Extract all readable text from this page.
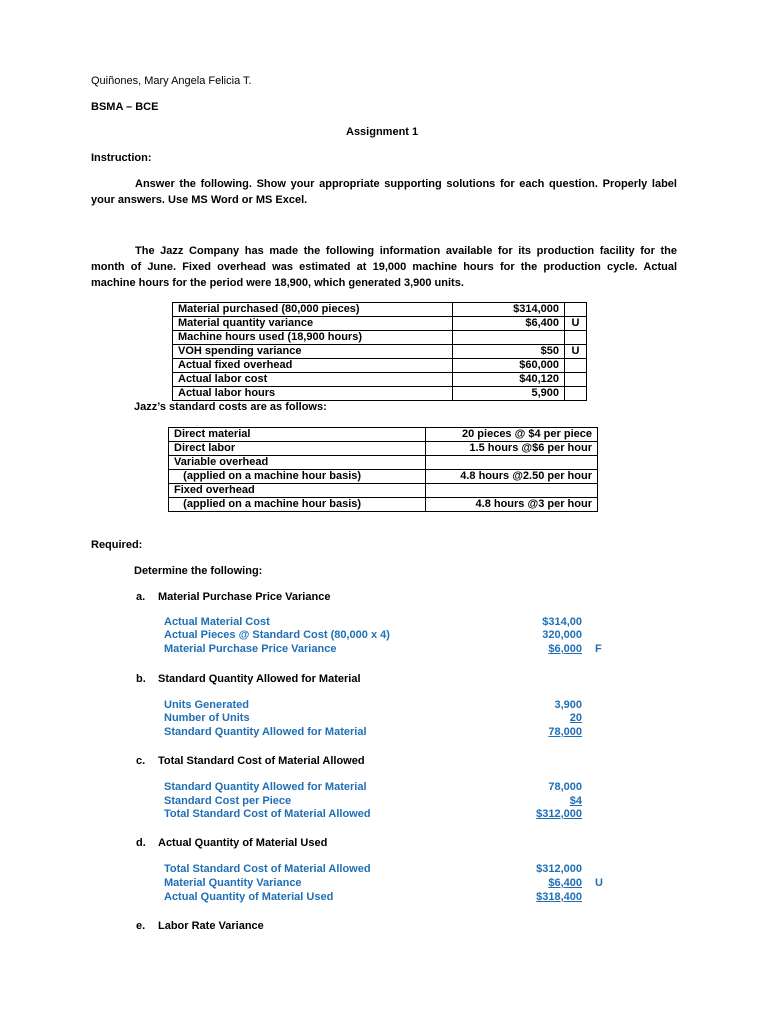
Quiñones, Mary Angela Felicia T.
BSMA – BCE
Assignment 1
Instruction:
Answer the following. Show your appropriate supporting solutions for each question. Properly label your answers. Use MS Word or MS Excel.
The Jazz Company has made the following information available for its production facility for the month of June. Fixed overhead was estimated at 19,000 machine hours for the production cycle. Actual machine hours for the period were 18,900, which generated 3,900 units.
Material purchased (80,000 pieces)	$314,000	
Material quantity variance	$6,400	U
Machine hours used (18,900 hours)		
VOH spending variance	$50	U
Actual fixed overhead	$60,000	
Actual labor cost	$40,120	
Actual labor hours	5,900	
Jazz’s standard costs are as follows:
Direct material	20 pieces @ $4 per piece
Direct labor	1.5 hours @$6 per hour
Variable overhead	
(applied on a machine hour basis)	4.8 hours @2.50 per hour
Fixed overhead	
(applied on a machine hour basis)	4.8 hours @3 per hour
Required:
Determine the following:
a. Material Purchase Price Variance
Actual Material Cost	$314,00
Actual Pieces @ Standard Cost (80,000 x 4)	320,000
Material Purchase Price Variance	$6,000 F
b. Standard Quantity Allowed for Material
Units Generated	3,900
Number of Units	20
Standard Quantity Allowed for Material	78,000
c. Total Standard Cost of Material Allowed
Standard Quantity Allowed for Material	78,000
Standard Cost per Piece	$4
Total Standard Cost of Material Allowed	$312,000
d. Actual Quantity of Material Used
Total Standard Cost of Material Allowed	$312,000
Material Quantity Variance	$6,400 U
Actual Quantity of Material Used	$318,400
e. Labor Rate Variance
